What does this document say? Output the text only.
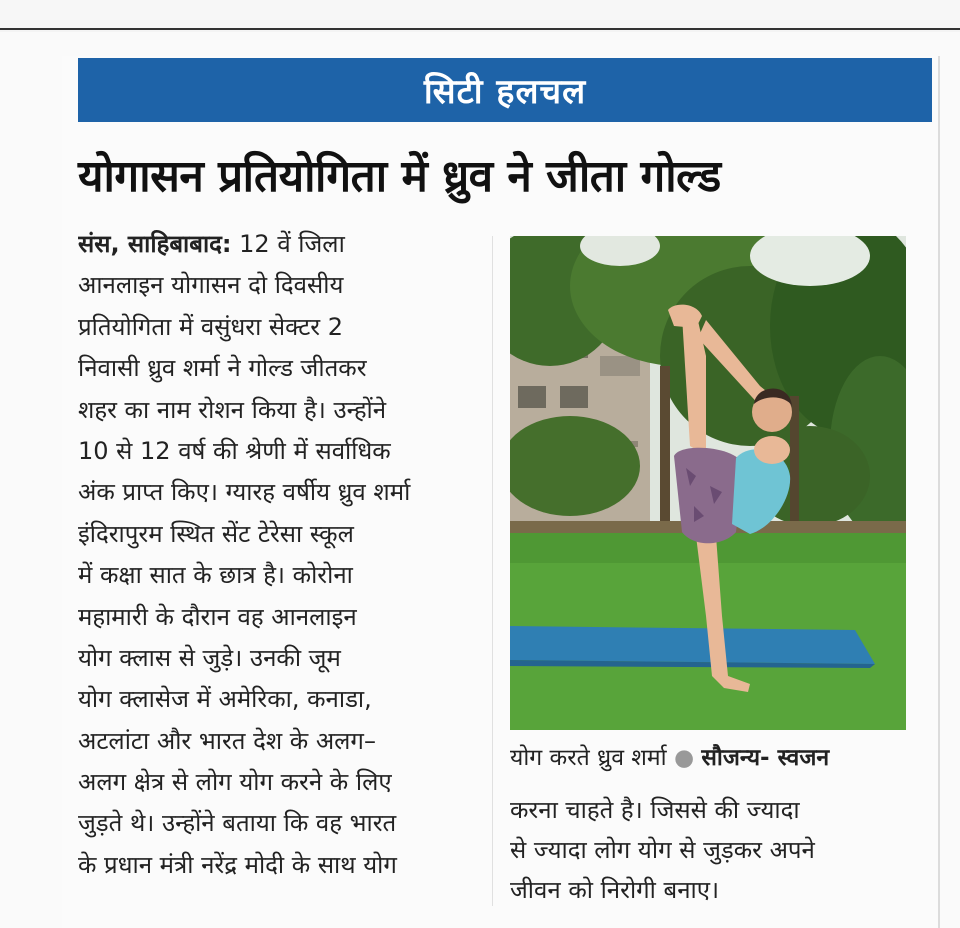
सिटी हलचल
योगासन प्रतियोगिता में ध्रुव ने जीता गोल्ड
संस, साहिबाबाद: 12 वें जिला
आनलाइन योगासन दो दिवसीय
प्रतियोगिता में वसुंधरा सेक्टर 2
निवासी ध्रुव शर्मा ने गोल्ड जीतकर
शहर का नाम रोशन किया है। उन्होंने
10 से 12 वर्ष की श्रेणी में सर्वाधिक
अंक प्राप्त किए। ग्यारह वर्षीय ध्रुव शर्मा
इंदिरापुरम स्थित सेंट टेरेसा स्कूल
में कक्षा सात के छात्र है। कोरोना
महामारी के दौरान वह आनलाइन
योग क्लास से जुड़े। उनकी जूम
योग क्लासेज में अमेरिका, कनाडा,
अटलांटा और भारत देश के अलग–
अलग क्षेत्र से लोग योग करने के लिए
जुड़ते थे। उन्होंने बताया कि वह भारत
के प्रधान मंत्री नरेंद्र मोदी के साथ योग
योग करते ध्रुव शर्मा ● सौजन्य- स्वजन
करना चाहते है। जिससे की ज्यादा
से ज्यादा लोग योग से जुड़कर अपने
जीवन को निरोगी बनाए।
